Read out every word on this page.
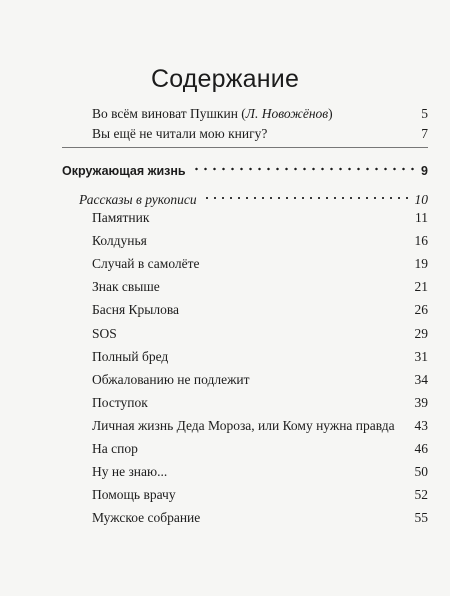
Содержание
Во всём виноват Пушкин (Л. Новожёнов)	5
Вы ещё не читали мою книгу?	7
Окружающая жизнь	9
Рассказы в рукописи	10
Памятник	11
Колдунья	16
Случай в самолёте	19
Знак свыше	21
Басня Крылова	26
SOS	29
Полный бред	31
Обжалованию не подлежит	34
Поступок	39
Личная жизнь Деда Мороза, или Кому нужна правда 43
На спор	46
Ну не знаю...	50
Помощь врачу	52
Мужское собрание	55
